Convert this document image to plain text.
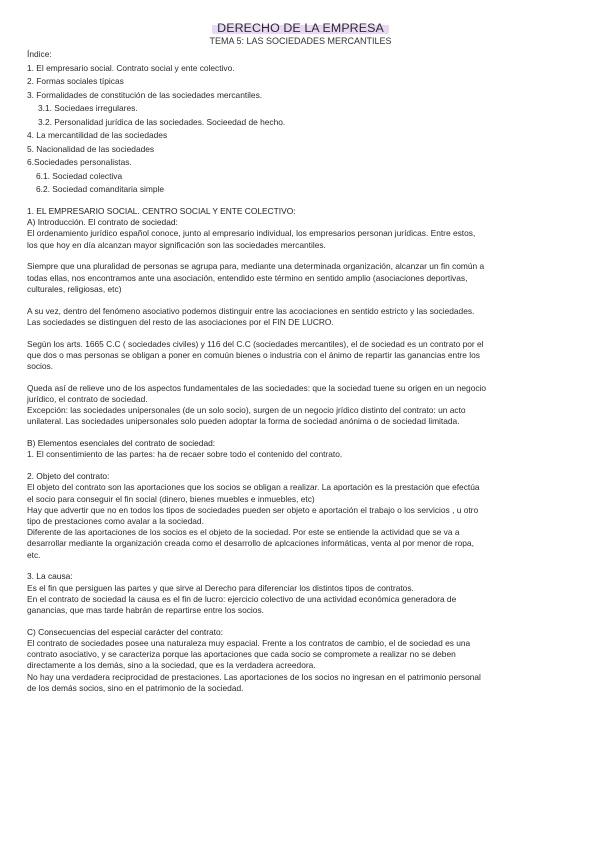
DERECHO DE LA EMPRESA
TEMA 5: LAS SOCIEDADES MERCANTILES

Índice:

1. El empresario social. Contrato social y ente colectivo.

2. Formas sociales típicas

3. Formalidades de constitución de las sociedades mercantiles.

3.1. Sociedaes irregulares.

3.2. Personalidad jurídica de las sociedades. Socieedad de hecho.

4. La mercantilidad de las sociedades

5. Nacionalidad de las sociedades

6.Sociedades personalistas.

6.1. Sociedad colectiva

6.2. Sociedad comanditaria simple

1. EL EMPRESARIO SOCIAL. CENTRO SOCIAL Y ENTE COLECTIVO:

A) Introducción. El contrato de sociedad:

El ordenamiento jurídico español conoce, junto al empresario individual, los empresarios personan jurídicas. Entre estos,

los que hoy en día alcanzan mayor significación son las sociedades mercantiles.

Siempre que una pluralidad de personas se agrupa para, mediante una determinada organización, alcanzar un fin común a

todas ellas, nos encontramos ante una asociación, entendido este término en sentido amplio (asociaciones deportivas,

culturales, religiosas, etc)

A su vez, dentro del fenómeno asociativo podemos distinguir entre las acociaciones en sentido estricto y las sociedades.

Las sociedades se distinguen del resto de las asociaciones por el FIN DE LUCRO.

Según los arts. 1665 C.C ( sociedades civiles) y 116 del C.C (sociedades mercantiles), el de sociedad es un contrato por el

que dos o mas personas se obligan a poner en comuún bienes o industria con el ánimo de repartir las ganancias entre los

socios.

Queda así de relieve uno de los aspectos fundamentales de las sociedades: que la sociedad tuene su origen en un negocio

jurídico, el contrato de sociedad.

Excepción: las sociedades unipersonales (de un solo socio), surgen de un negocio jrídico distinto del contrato: un acto

unilateral. Las sociedades unipersonales solo pueden adoptar la forma de sociedad anónima o de sociedad limitada.

B) Elementos esenciales del contrato de sociedad:

1. El consentimiento de las partes: ha de recaer sobre todo el contenido del contrato.

2. Objeto del contrato:

El objeto del contrato son las aportaciones que los socios se obligan a realizar. La aportación es la prestación que efectúa

el socio para conseguir el fin social (dinero, bienes muebles e inmuebles, etc)

Hay que advertir que no en todos los tipos de sociedades pueden ser objeto e aportación el trabajo o los servicios , u otro

tipo de prestaciones como avalar a la sociedad.

Diferente de las aportaciones de los socios es el objeto de la sociedad. Por este se entiende la actividad que se va a

desarrollar mediante la organización creada como el desarrollo de aplcaciones informáticas, venta al por menor de ropa,

etc.

3. La causa:

Es el fin que persiguen las partes y que sirve al Derecho para diferenciar los distintos tipos de contratos.

En el contrato de sociedad la causa es el fin de lucro: ejercicio colectivo de una actividad económica generadora de

ganancias, que mas tarde habrán de repartirse entre los socios.

C) Consecuencias del especial carácter del contrato:

El contrato de sociedades posee una naturaleza muy espacial. Frente a los contratos de cambio, el de sociedad es una

contrato asociativo, y se caracteriza porque las aportaciones que cada socio se compromete a realizar no se deben

directamente a los demás, sino a la sociedad, que es la verdadera acreedora.

No hay una verdadera reciprocidad de prestaciones. Las aportaciones de los socios no ingresan en el patrimonio personal

de los demás socios, sino en el patrimonio de la sociedad.
